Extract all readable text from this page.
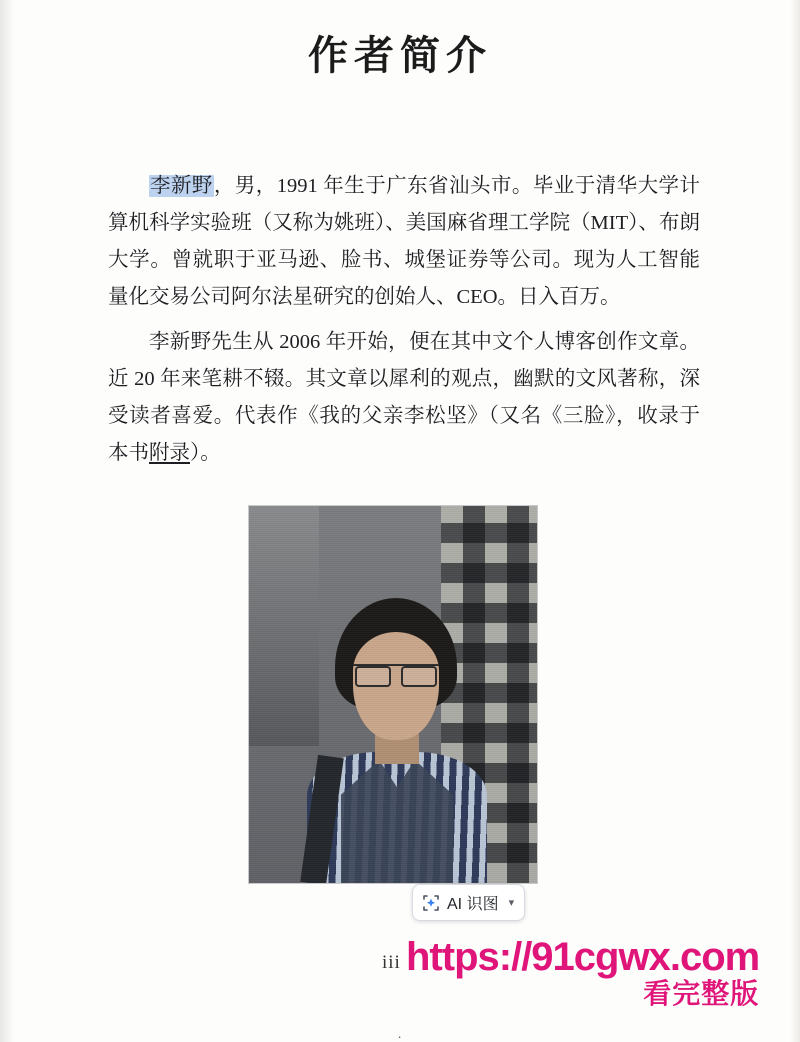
作者简介

李新野，男，1991 年生于广东省汕头市。毕业于清华大学计算机科学实验班（又称为姚班）、美国麻省理工学院（MIT）、布朗大学。曾就职于亚马逊、脸书、城堡证券等公司。现为人工智能量化交易公司阿尔法星研究的创始人、CEO。日入百万。

李新野先生从 2006 年开始，便在其中文个人博客创作文章。近 20 年来笔耕不辍。其文章以犀利的观点，幽默的文风著称，深受读者喜爱。代表作《我的父亲李松坚》（又名《三脸》，收录于本书附录）。

AI 识图 ▾
iii https://91cgwx.com
看完整版
.
